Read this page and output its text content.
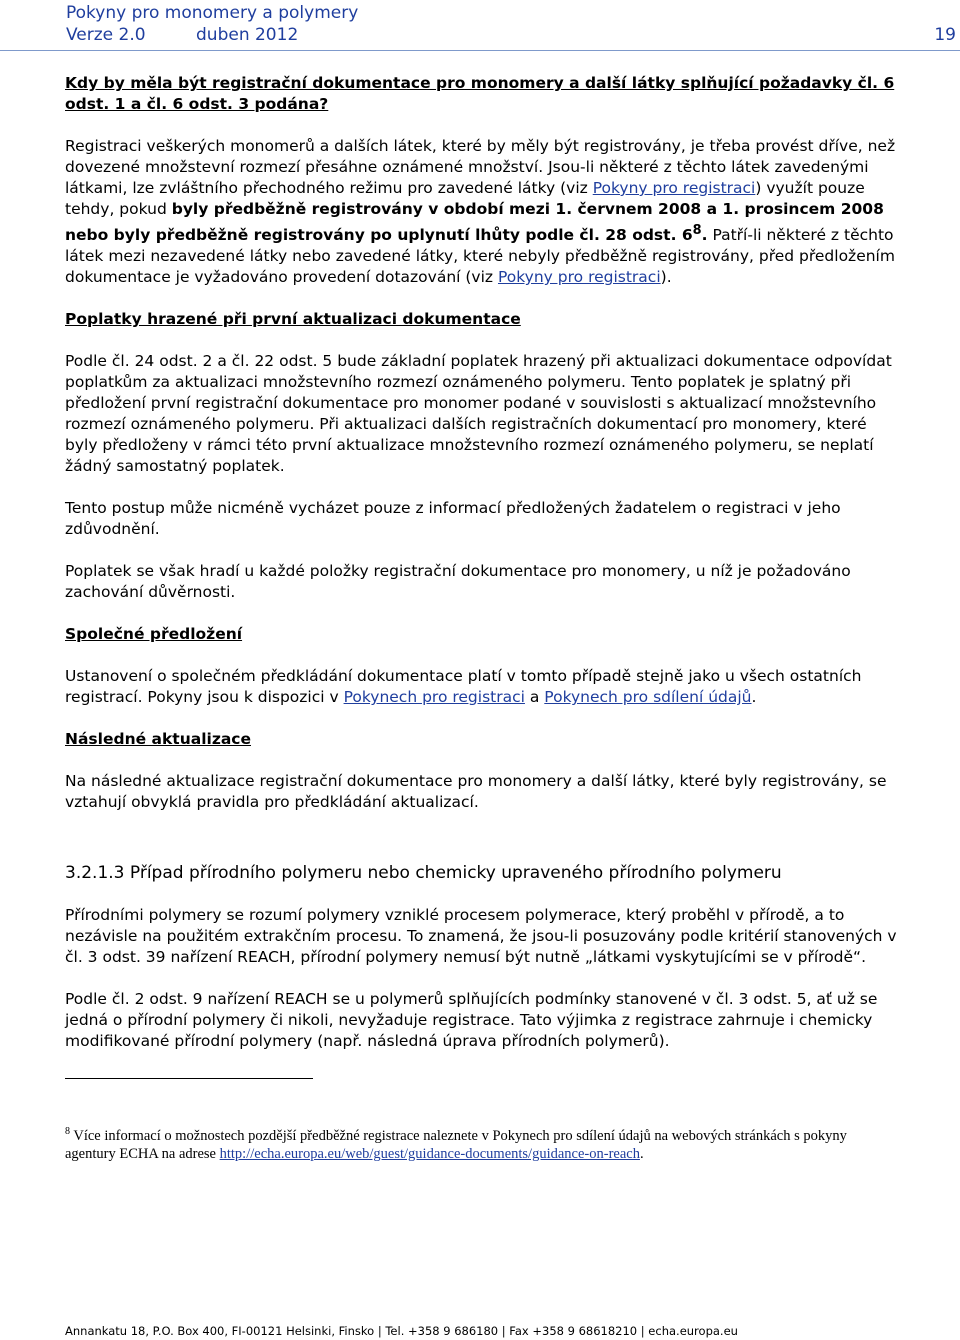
Pokyny pro monomery a polymery
Verze 2.0	duben 2012	19

Kdy by měla být registrační dokumentace pro monomery a další látky splňující požadavky čl. 6 odst. 1 a čl. 6 odst. 3 podána?

Registraci veškerých monomerů a dalších látek, které by měly být registrovány, je třeba provést dříve, než dovezené množstevní rozmezí přesáhne oznámené množství. Jsou-li některé z těchto látek zavedenými látkami, lze zvláštního přechodného režimu pro zavedené látky (viz Pokyny pro registraci) využít pouze tehdy, pokud byly předběžně registrovány v období mezi 1. červnem 2008 a 1. prosincem 2008 nebo byly předběžně registrovány po uplynutí lhůty podle čl. 28 odst. $6^8$. Patří-li některé z těchto látek mezi nezavedené látky nebo zavedené látky, které nebyly předběžně registrovány, před předložením dokumentace je vyžadováno provedení dotazování (viz Pokyny pro registraci).

Poplatky hrazené při první aktualizaci dokumentace

Podle čl. 24 odst. 2 a čl. 22 odst. 5 bude základní poplatek hrazený při aktualizaci dokumentace odpovídat poplatkům za aktualizaci množstevního rozmezí oznámeného polymeru. Tento poplatek je splatný při předložení první registrační dokumentace pro monomer podané v souvislosti s aktualizací množstevního rozmezí oznámeného polymeru. Při aktualizaci dalších registračních dokumentací pro monomery, které byly předloženy v rámci této první aktualizace množstevního rozmezí oznámeného polymeru, se neplatí žádný samostatný poplatek.

Tento postup může nicméně vycházet pouze z informací předložených žadatelem o registraci v jeho zdůvodnění.

Poplatek se však hradí u každé položky registrační dokumentace pro monomery, u níž je požadováno zachování důvěrnosti.

Společné předložení

Ustanovení o společném předkládání dokumentace platí v tomto případě stejně jako u všech ostatních registrací. Pokyny jsou k dispozici v Pokynech pro registraci a Pokynech pro sdílení údajů.

Následné aktualizace

Na následné aktualizace registrační dokumentace pro monomery a další látky, které byly registrovány, se vztahují obvyklá pravidla pro předkládání aktualizací.

3.2.1.3 Případ přírodního polymeru nebo chemicky upraveného přírodního polymeru

Přírodními polymery se rozumí polymery vzniklé procesem polymerace, který proběhl v přírodě, a to nezávisle na použitém extrakčním procesu. To znamená, že jsou-li posuzovány podle kritérií stanovených v čl. 3 odst. 39 nařízení REACH, přírodní polymery nemusí být nutně „látkami vyskytujícími se v přírodě“.

Podle čl. 2 odst. 9 nařízení REACH se u polymerů splňujících podmínky stanovené v čl. 3 odst. 5, ať už se jedná o přírodní polymery či nikoli, nevyžaduje registrace. Tato výjimka z registrace zahrnuje i chemicky modifikované přírodní polymery (např. následná úprava přírodních polymerů).

$^8$ Více informací o možnostech pozdější předběžné registrace naleznete v Pokynech pro sdílení údajů na webových stránkách s pokyny agentury ECHA na adrese http://echa.europa.eu/web/guest/guidance-documents/guidance-on-reach.

Annankatu 18, P.O. Box 400, FI-00121 Helsinki, Finsko | Tel. +358 9 686180 | Fax +358 9 68618210 | echa.europa.eu
